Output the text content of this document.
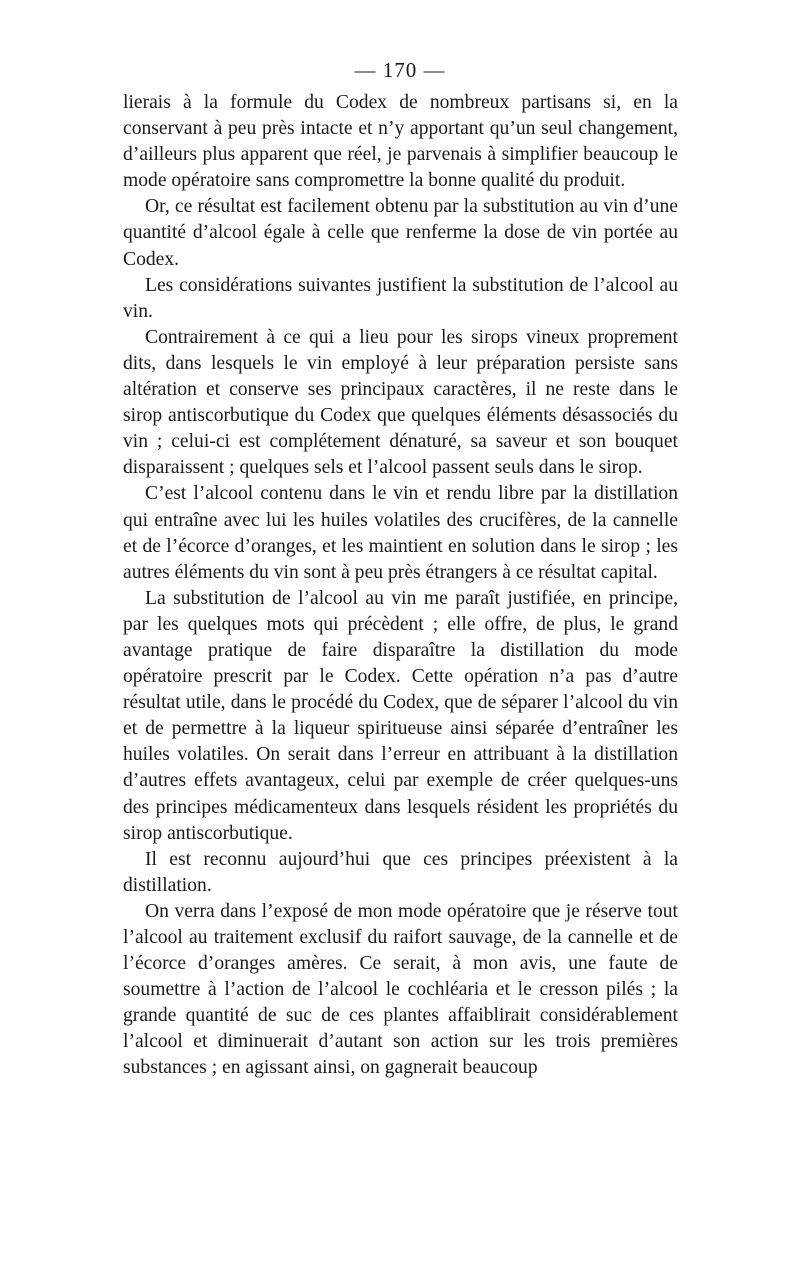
— 170 —

lierais à la formule du Codex de nombreux partisans si, en la conservant à peu près intacte et n’y apportant qu’un seul changement, d’ailleurs plus apparent que réel, je parvenais à simplifier beaucoup le mode opératoire sans compromettre la bonne qualité du produit.

Or, ce résultat est facilement obtenu par la substitution au vin d’une quantité d’alcool égale à celle que renferme la dose de vin portée au Codex.

Les considérations suivantes justifient la substitution de l’alcool au vin.

Contrairement à ce qui a lieu pour les sirops vineux proprement dits, dans lesquels le vin employé à leur préparation persiste sans altération et conserve ses principaux caractères, il ne reste dans le sirop antiscorbutique du Codex que quelques éléments désassociés du vin ; celui-ci est complétement dénaturé, sa saveur et son bouquet disparaissent ; quelques sels et l’alcool passent seuls dans le sirop.

C’est l’alcool contenu dans le vin et rendu libre par la distillation qui entraîne avec lui les huiles volatiles des crucifères, de la cannelle et de l’écorce d’oranges, et les maintient en solution dans le sirop ; les autres éléments du vin sont à peu près étrangers à ce résultat capital.

La substitution de l’alcool au vin me paraît justifiée, en principe, par les quelques mots qui précèdent ; elle offre, de plus, le grand avantage pratique de faire disparaître la distillation du mode opératoire prescrit par le Codex. Cette opération n’a pas d’autre résultat utile, dans le procédé du Codex, que de séparer l’alcool du vin et de permettre à la liqueur spiritueuse ainsi séparée d’entraîner les huiles volatiles. On serait dans l’erreur en attribuant à la distillation d’autres effets avantageux, celui par exemple de créer quelques-uns des principes médicamenteux dans lesquels résident les propriétés du sirop antiscorbutique.

Il est reconnu aujourd’hui que ces principes préexistent à la distillation.

On verra dans l’exposé de mon mode opératoire que je réserve tout l’alcool au traitement exclusif du raifort sauvage, de la cannelle et de l’écorce d’oranges amères. Ce serait, à mon avis, une faute de soumettre à l’action de l’alcool le cochléaria et le cresson pilés ; la grande quantité de suc de ces plantes affaiblirait considérablement l’alcool et diminuerait d’autant son action sur les trois premières substances ; en agissant ainsi, on gagnerait beaucoup
